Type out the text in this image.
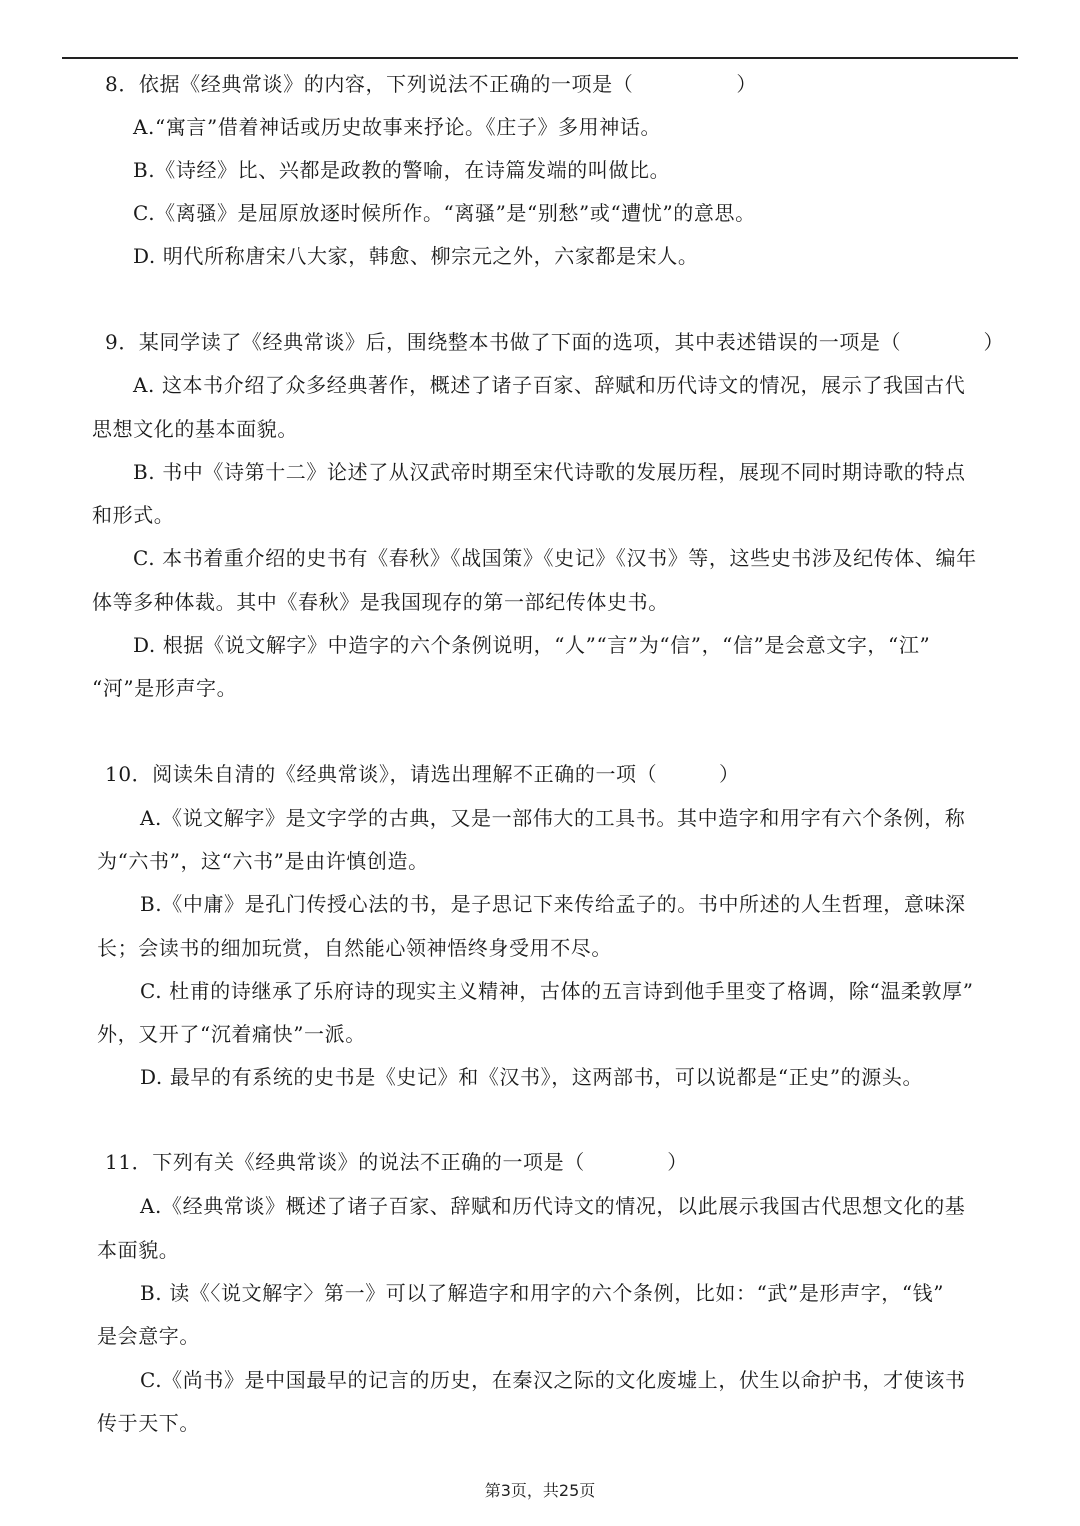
8．依据《经典常谈》的内容，下列说法不正确的一项是（　　　　　）
A.“寓言”借着神话或历史故事来抒论。《庄子》多用神话。
B.《诗经》比、兴都是政教的警喻，在诗篇发端的叫做比。
C.《离骚》是屈原放逐时候所作。“离骚”是“别愁”或“遭忧”的意思。
D. 明代所称唐宋八大家，韩愈、柳宗元之外，六家都是宋人。
9．某同学读了《经典常谈》后，围绕整本书做了下面的选项，其中表述错误的一项是（　　　　）
A. 这本书介绍了众多经典著作，概述了诸子百家、辞赋和历代诗文的情况，展示了我国古代
思想文化的基本面貌。
B. 书中《诗第十二》论述了从汉武帝时期至宋代诗歌的发展历程，展现不同时期诗歌的特点
和形式。
C. 本书着重介绍的史书有《春秋》《战国策》《史记》《汉书》等，这些史书涉及纪传体、编年
体等多种体裁。其中《春秋》是我国现存的第一部纪传体史书。
D. 根据《说文解字》中造字的六个条例说明，“人”“言”为“信”，“信”是会意文字，“江”
“河”是形声字。
10．阅读朱自清的《经典常谈》，请选出理解不正确的一项（　　　）
A.《说文解字》是文字学的古典，又是一部伟大的工具书。其中造字和用字有六个条例，称
为“六书”，这“六书”是由许慎创造。
B.《中庸》是孔门传授心法的书，是子思记下来传给孟子的。书中所述的人生哲理，意味深
长；会读书的细加玩赏，自然能心领神悟终身受用不尽。
C. 杜甫的诗继承了乐府诗的现实主义精神，古体的五言诗到他手里变了格调，除“温柔敦厚”
外，又开了“沉着痛快”一派。
D. 最早的有系统的史书是《史记》和《汉书》，这两部书，可以说都是“正史”的源头。
11．下列有关《经典常谈》的说法不正确的一项是（　　　　）
A.《经典常谈》概述了诸子百家、辞赋和历代诗文的情况，以此展示我国古代思想文化的基
本面貌。
B. 读《〈说文解字〉第一》可以了解造字和用字的六个条例，比如：“武”是形声字，“钱”
是会意字。
C.《尚书》是中国最早的记言的历史，在秦汉之际的文化废墟上，伏生以命护书，才使该书
传于天下。
第3页，共25页
